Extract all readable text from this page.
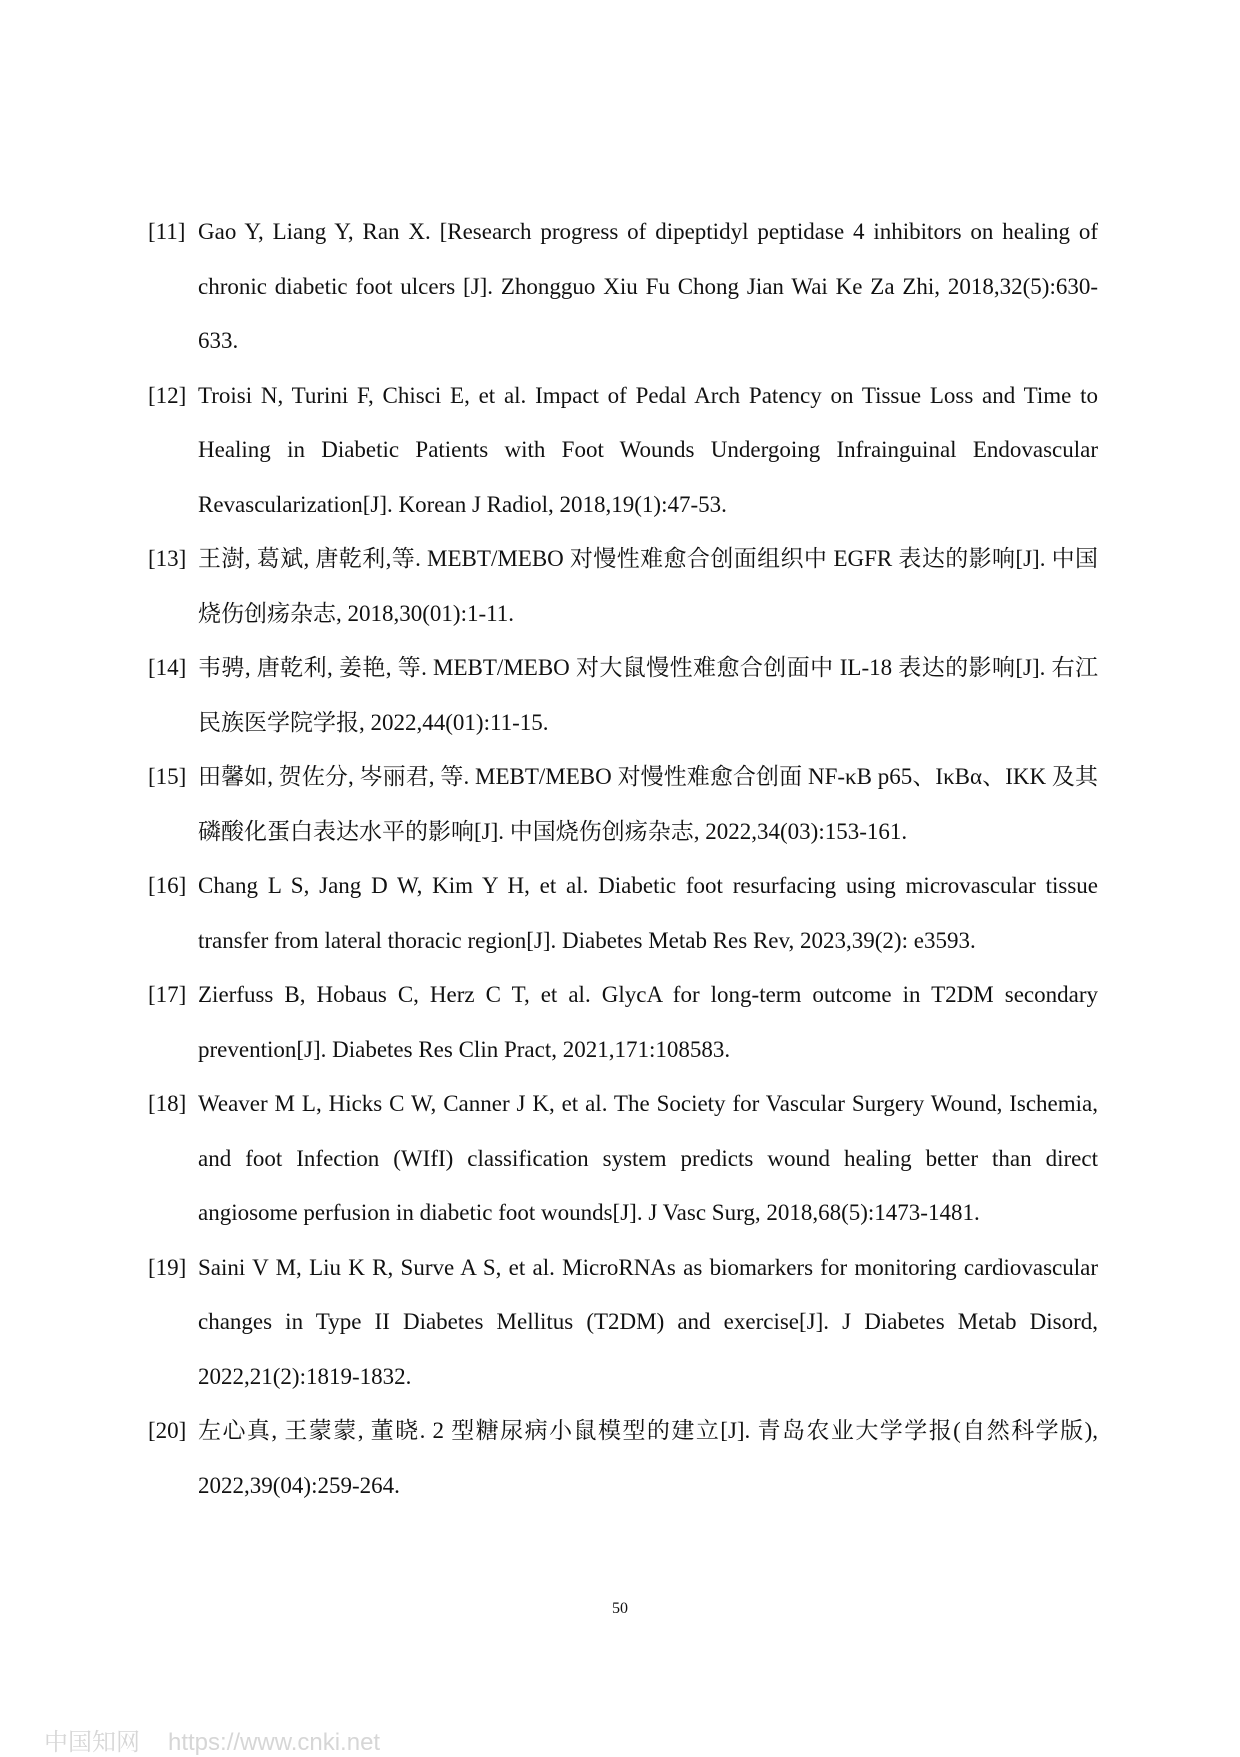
[11] Gao Y, Liang Y, Ran X. [Research progress of dipeptidyl peptidase 4 inhibitors on healing of chronic diabetic foot ulcers [J]. Zhongguo Xiu Fu Chong Jian Wai Ke Za Zhi, 2018,32(5):630-633.
[12] Troisi N, Turini F, Chisci E, et al. Impact of Pedal Arch Patency on Tissue Loss and Time to Healing in Diabetic Patients with Foot Wounds Undergoing Infrainguinal Endovascular Revascularization[J]. Korean J Radiol, 2018,19(1):47-53.
[13] 王澍, 葛斌, 唐乾利,等. MEBT/MEBO 对慢性难愈合创面组织中 EGFR 表达的影响[J]. 中国烧伤创疡杂志, 2018,30(01):1-11.
[14] 韦骋, 唐乾利, 姜艳, 等. MEBT/MEBO 对大鼠慢性难愈合创面中 IL-18 表达的影响[J]. 右江民族医学院学报, 2022,44(01):11-15.
[15] 田馨如, 贺佐分, 岑丽君, 等. MEBT/MEBO 对慢性难愈合创面 NF-κB p65、IκBα、IKK 及其磷酸化蛋白表达水平的影响[J]. 中国烧伤创疡杂志, 2022,34(03):153-161.
[16] Chang L S, Jang D W, Kim Y H, et al. Diabetic foot resurfacing using microvascular tissue transfer from lateral thoracic region[J]. Diabetes Metab Res Rev, 2023,39(2): e3593.
[17] Zierfuss B, Hobaus C, Herz C T, et al. GlycA for long-term outcome in T2DM secondary prevention[J]. Diabetes Res Clin Pract, 2021,171:108583.
[18] Weaver M L, Hicks C W, Canner J K, et al. The Society for Vascular Surgery Wound, Ischemia, and foot Infection (WIfI) classification system predicts wound healing better than direct angiosome perfusion in diabetic foot wounds[J]. J Vasc Surg, 2018,68(5):1473-1481.
[19] Saini V M, Liu K R, Surve A S, et al. MicroRNAs as biomarkers for monitoring cardiovascular changes in Type II Diabetes Mellitus (T2DM) and exercise[J]. J Diabetes Metab Disord, 2022,21(2):1819-1832.
[20] 左心真, 王蒙蒙, 董晓. 2 型糖尿病小鼠模型的建立[J]. 青岛农业大学学报(自然科学版), 2022,39(04):259-264.
50
中国知网 https://www.cnki.net
